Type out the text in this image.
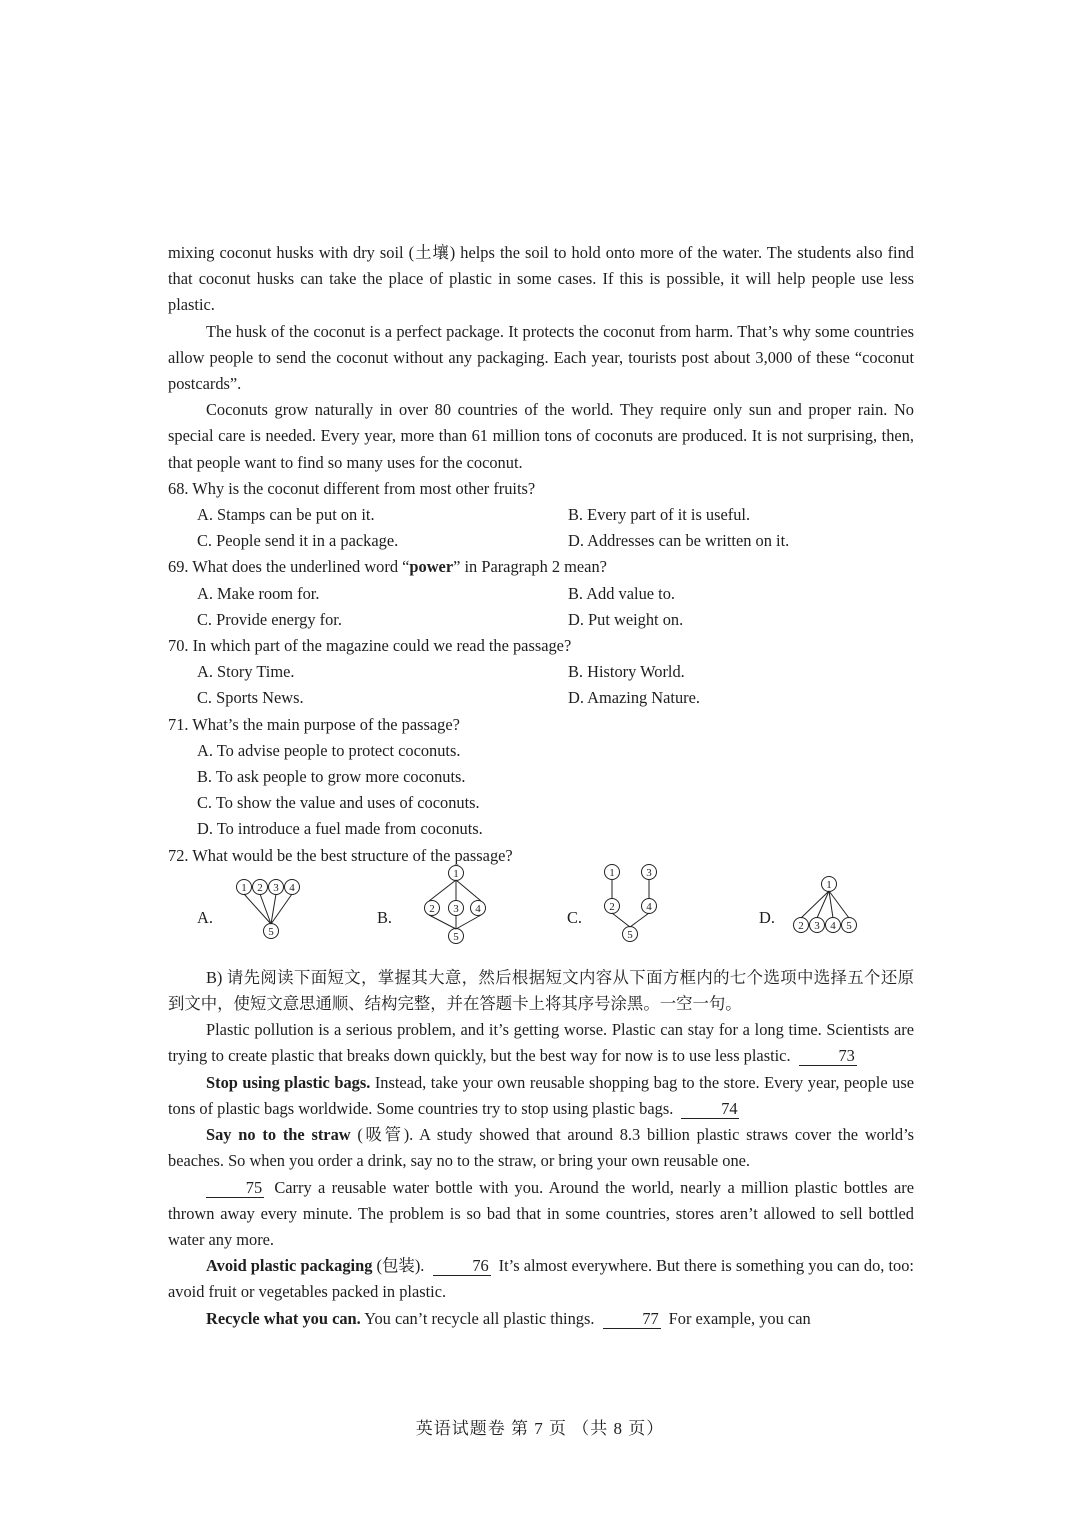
mixing coconut husks with dry soil (土壤) helps the soil to hold onto more of the water. The students also find that coconut husks can take the place of plastic in some cases. If this is possible, it will help people use less plastic.

The husk of the coconut is a perfect package. It protects the coconut from harm. That’s why some countries allow people to send the coconut without any packaging. Each year, tourists post about 3,000 of these “coconut postcards”.

Coconuts grow naturally in over 80 countries of the world. They require only sun and proper rain. No special care is needed. Every year, more than 61 million tons of coconuts are produced. It is not surprising, then, that people want to find so many uses for the coconut.

68. Why is the coconut different from most other fruits?
A. Stamps can be put on it.	B. Every part of it is useful.
C. People send it in a package.	D. Addresses can be written on it.
69. What does the underlined word “power” in Paragraph 2 mean?
A. Make room for.	B. Add value to.
C. Provide energy for.	D. Put weight on.
70. In which part of the magazine could we read the passage?
A. Story Time.	B. History World.
C. Sports News.	D. Amazing Nature.
71. What’s the main purpose of the passage?
A. To advise people to protect coconuts.
B. To ask people to grow more coconuts.
C. To show the value and uses of coconuts.
D. To introduce a fuel made from coconuts.
72. What would be the best structure of the passage?
A.
1 2 3 4
5
B.
1
2 3 4
5
C.
1	3
2	4
5
D.
1
2 3 4 5

B) 请先阅读下面短文，掌握其大意，然后根据短文内容从下面方框内的七个选项中选择五个还原到文中，使短文意思通顺、结构完整，并在答题卡上将其序号涂黑。一空一句。

Plastic pollution is a serious problem, and it’s getting worse. Plastic can stay for a long time. Scientists are trying to create plastic that breaks down quickly, but the best way for now is to use less plastic.	73

Stop using plastic bags. Instead, take your own reusable shopping bag to the store. Every year, people use tons of plastic bags worldwide. Some countries try to stop using plastic bags.	74

Say no to the straw (吸管). A study showed that around 8.3 billion plastic straws cover the world’s beaches. So when you order a drink, say no to the straw, or bring your own reusable one.

75 Carry a reusable water bottle with you. Around the world, nearly a million plastic bottles are thrown away every minute. The problem is so bad that in some countries, stores aren’t allowed to sell bottled water any more.

Avoid plastic packaging (包装).	76 It’s almost everywhere. But there is something you can do, too: avoid fruit or vegetables packed in plastic.

Recycle what you can. You can’t recycle all plastic things.	77 For example, you can

英语试题卷 第 7 页 （共 8 页）
